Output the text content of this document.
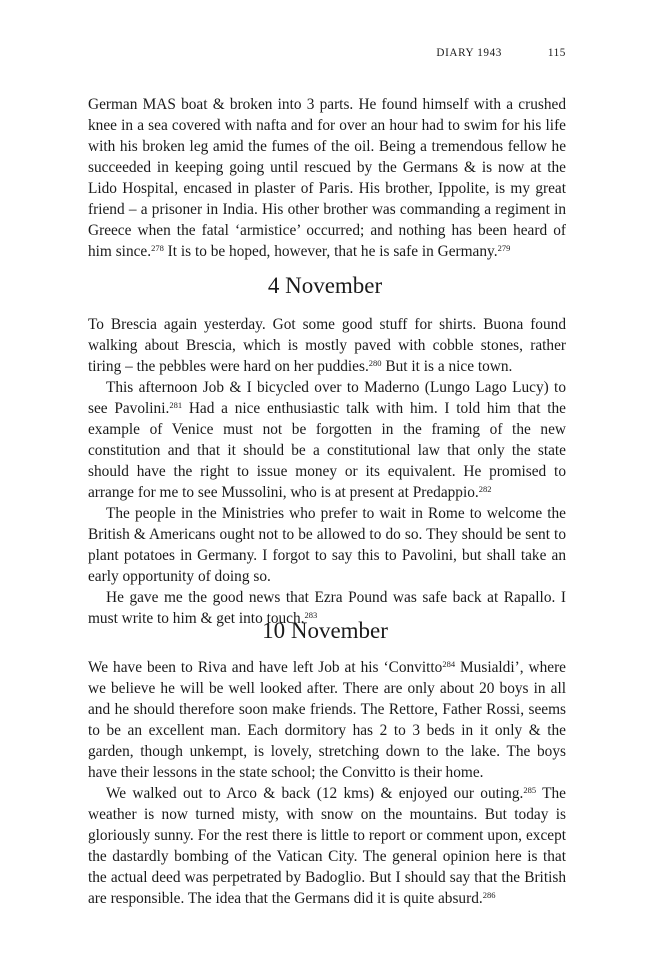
DIARY 1943	115

German MAS boat & broken into 3 parts. He found himself with a crushed knee in a sea covered with nafta and for over an hour had to swim for his life with his broken leg amid the fumes of the oil. Being a tremendous fellow he succeeded in keeping going until rescued by the Germans & is now at the Lido Hospital, encased in plaster of Paris. His brother, Ippolite, is my great friend – a prisoner in India. His other brother was commanding a regiment in Greece when the fatal ‘armistice’ occurred; and nothing has been heard of him since.$^{278}$ It is to be hoped, however, that he is safe in Germany.$^{279}$

4 November

To Brescia again yesterday. Got some good stuff for shirts. Buona found walking about Brescia, which is mostly paved with cobble stones, rather tiring – the pebbles were hard on her puddies.$^{280}$ But it is a nice town.

This afternoon Job & I bicycled over to Maderno (Lungo Lago Lucy) to see Pavolini.$^{281}$ Had a nice enthusiastic talk with him. I told him that the example of Venice must not be forgotten in the framing of the new constitution and that it should be a constitutional law that only the state should have the right to issue money or its equivalent. He promised to arrange for me to see Mussolini, who is at present at Predappio.$^{282}$

The people in the Ministries who prefer to wait in Rome to welcome the British & Americans ought not to be allowed to do so. They should be sent to plant potatoes in Germany. I forgot to say this to Pavolini, but shall take an early opportunity of doing so.

He gave me the good news that Ezra Pound was safe back at Rapallo. I must write to him & get into touch.$^{283}$

10 November

We have been to Riva and have left Job at his ‘Convitto$^{284}$ Musialdi’, where we believe he will be well looked after. There are only about 20 boys in all and he should therefore soon make friends. The Rettore, Father Rossi, seems to be an excellent man. Each dormitory has 2 to 3 beds in it only & the garden, though unkempt, is lovely, stretching down to the lake. The boys have their lessons in the state school; the Convitto is their home.

We walked out to Arco & back (12 kms) & enjoyed our outing.$^{285}$ The weather is now turned misty, with snow on the mountains. But today is gloriously sunny. For the rest there is little to report or comment upon, except the dastardly bombing of the Vatican City. The general opinion here is that the actual deed was perpetrated by Badoglio. But I should say that the British are responsible. The idea that the Germans did it is quite absurd.$^{286}$
